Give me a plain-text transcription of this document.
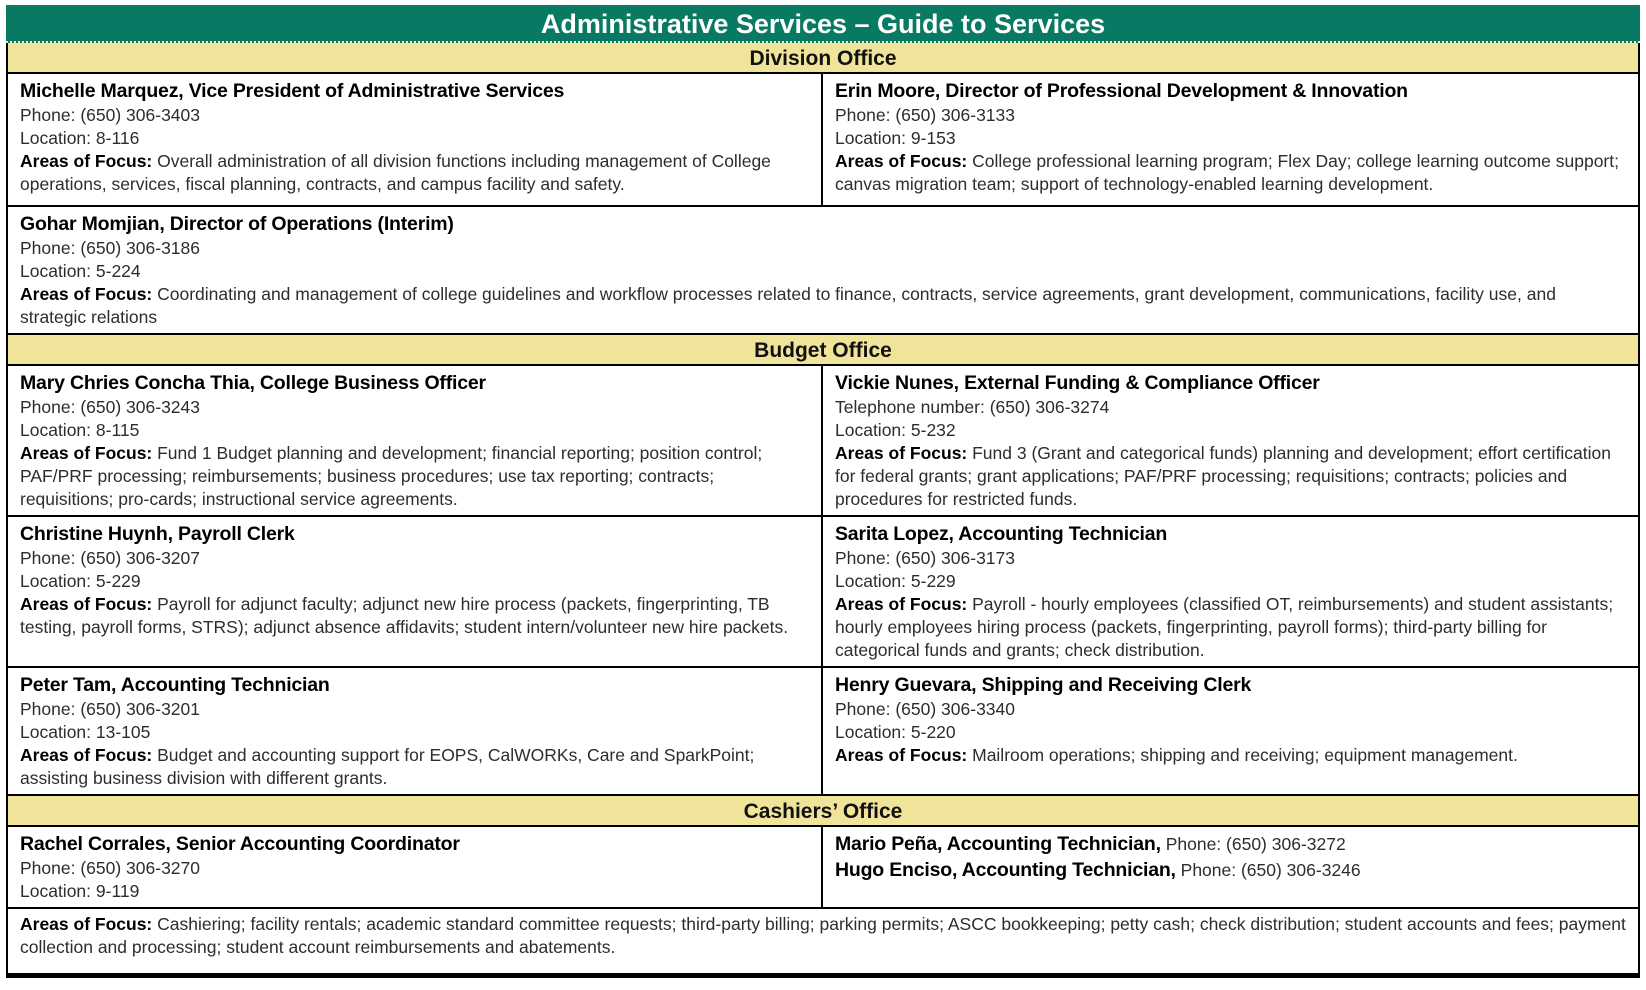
Administrative Services – Guide to Services
Division Office
Michelle Marquez, Vice President of Administrative Services
Phone: (650) 306-3403
Location: 8-116
Areas of Focus: Overall administration of all division functions including management of College operations, services, fiscal planning, contracts, and campus facility and safety.
Erin Moore, Director of Professional Development & Innovation
Phone: (650) 306-3133
Location: 9-153
Areas of Focus: College professional learning program; Flex Day; college learning outcome support; canvas migration team; support of technology-enabled learning development.
Gohar Momjian, Director of Operations (Interim)
Phone: (650) 306-3186
Location: 5-224
Areas of Focus: Coordinating and management of college guidelines and workflow processes related to finance, contracts, service agreements, grant development, communications, facility use, and strategic relations
Budget Office
Mary Chries Concha Thia, College Business Officer
Phone: (650) 306-3243
Location: 8-115
Areas of Focus: Fund 1 Budget planning and development; financial reporting; position control; PAF/PRF processing; reimbursements; business procedures; use tax reporting; contracts; requisitions; pro-cards; instructional service agreements.
Vickie Nunes, External Funding & Compliance Officer
Telephone number: (650) 306-3274
Location: 5-232
Areas of Focus: Fund 3 (Grant and categorical funds) planning and development; effort certification for federal grants; grant applications; PAF/PRF processing; requisitions; contracts; policies and procedures for restricted funds.
Christine Huynh, Payroll Clerk
Phone: (650) 306-3207
Location: 5-229
Areas of Focus: Payroll for adjunct faculty; adjunct new hire process (packets, fingerprinting, TB testing, payroll forms, STRS); adjunct absence affidavits; student intern/volunteer new hire packets.
Sarita Lopez, Accounting Technician
Phone: (650) 306-3173
Location: 5-229
Areas of Focus: Payroll - hourly employees (classified OT, reimbursements) and student assistants; hourly employees hiring process (packets, fingerprinting, payroll forms); third-party billing for categorical funds and grants; check distribution.
Peter Tam, Accounting Technician
Phone: (650) 306-3201
Location: 13-105
Areas of Focus: Budget and accounting support for EOPS, CalWORKs, Care and SparkPoint; assisting business division with different grants.
Henry Guevara, Shipping and Receiving Clerk
Phone: (650) 306-3340
Location: 5-220
Areas of Focus: Mailroom operations; shipping and receiving; equipment management.
Cashiers’ Office
Rachel Corrales, Senior Accounting Coordinator
Phone: (650) 306-3270
Location: 9-119
Mario Peña, Accounting Technician, Phone: (650) 306-3272
Hugo Enciso, Accounting Technician, Phone: (650) 306-3246
Areas of Focus: Cashiering; facility rentals; academic standard committee requests; third-party billing; parking permits; ASCC bookkeeping; petty cash; check distribution; student accounts and fees; payment collection and processing; student account reimbursements and abatements.
